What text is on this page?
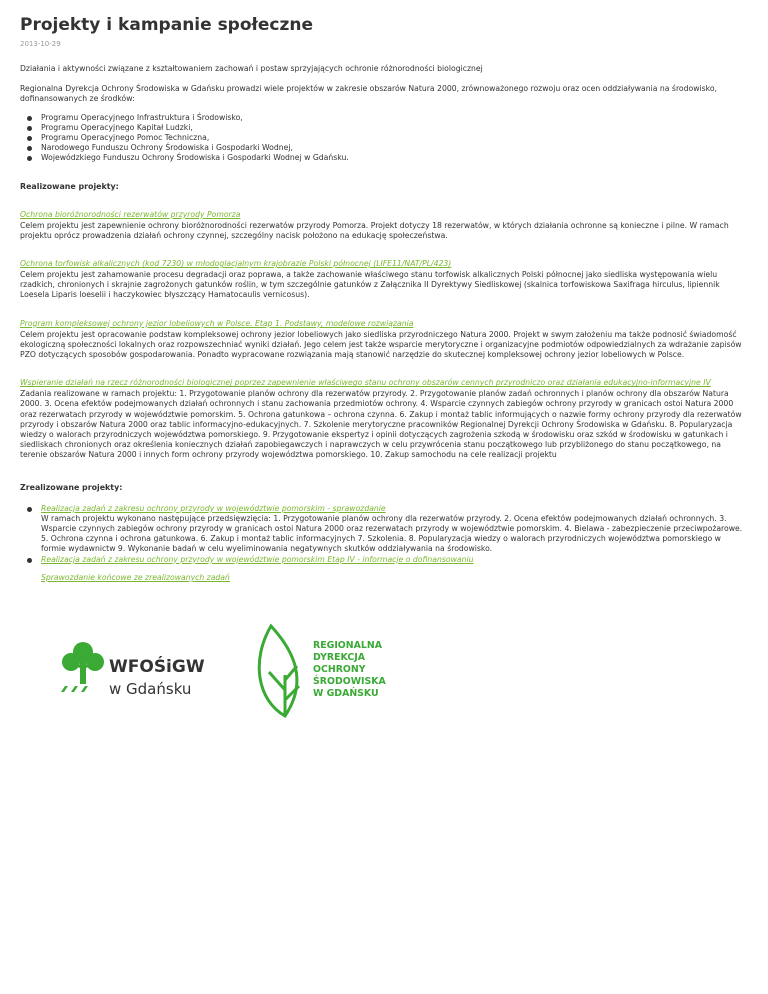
Projekty i kampanie społeczne
2013-10-29

Działania i aktywności związane z kształtowaniem zachowań i postaw sprzyjających ochronie różnorodności biologicznej

Regionalna Dyrekcja Ochrony Środowiska w Gdańsku prowadzi wiele projektów w zakresie obszarów Natura 2000, zrównoważonego rozwoju oraz ocen oddziaływania na środowisko, dofinansowanych ze środków:

Programu Operacyjnego Infrastruktura i Środowisko,
Programu Operacyjnego Kapitał Ludzki,
Programu Operacyjnego Pomoc Techniczna,
Narodowego Funduszu Ochrony Środowiska i Gospodarki Wodnej,
Wojewódzkiego Funduszu Ochrony Środowiska i Gospodarki Wodnej w Gdańsku.
Realizowane projekty:
Ochrona bioróżnorodności rezerwatów przyrody Pomorza

Celem projektu jest zapewnienie ochrony bioróżnorodności rezerwatów przyrody Pomorza. Projekt dotyczy 18 rezerwatów, w których działania ochronne są konieczne i pilne. W ramach projektu oprócz prowadzenia działań ochrony czynnej, szczególny nacisk położono na edukację społeczeństwa.

Ochrona torfowisk alkalicznych (kod 7230) w młodoglacjalnym krajobrazie Polski północnej (LIFE11/NAT/PL/423)

Celem projektu jest zahamowanie procesu degradacji oraz poprawa, a także zachowanie właściwego stanu torfowisk alkalicznych Polski północnej jako siedliska występowania wielu rzadkich, chronionych i skrajnie zagrożonych gatunków roślin, w tym szczególnie gatunków z Załącznika II Dyrektywy Siedliskowej (skalnica torfowiskowa Saxifraga hirculus, lipiennik Loesela Liparis loeselii i haczykowiec błyszczący Hamatocaulis vernicosus).

Program kompleksowej ochrony jezior lobeliowych w Polsce. Etap 1. Podstawy, modelowe rozwiązania

Celem projektu jest opracowanie podstaw kompleksowej ochrony jezior lobeliowych jako siedliska przyrodniczego Natura 2000. Projekt w swym założeniu ma także podnosić świadomość ekologiczną społeczności lokalnych oraz rozpowszechniać wyniki działań. Jego celem jest także wsparcie merytoryczne i organizacyjne podmiotów odpowiedzialnych za wdrażanie zapisów PZO dotyczących sposobów gospodarowania. Ponadto wypracowane rozwiązania mają stanowić narzędzie do skutecznej kompleksowej ochrony jezior lobeliowych w Polsce.

Wspieranie działań na rzecz różnorodności biologicznej poprzez zapewnienie właściwego stanu ochrony obszarów cennych przyrodniczo oraz działania edukacyjno-informacyjne IV

Zadania realizowane w ramach projektu: 1. Przygotowanie planów ochrony dla rezerwatów przyrody. 2. Przygotowanie planów zadań ochronnych i planów ochrony dla obszarów Natura 2000. 3. Ocena efektów podejmowanych działań ochronnych i stanu zachowania przedmiotów ochrony. 4. Wsparcie czynnych zabiegów ochrony przyrody w granicach ostoi Natura 2000 oraz rezerwatach przyrody w województwie pomorskim. 5. Ochrona gatunkowa – ochrona czynna. 6. Zakup i montaż tablic informujących o nazwie formy ochrony przyrody dla rezerwatów przyrody i obszarów Natura 2000 oraz tablic informacyjno-edukacyjnych. 7. Szkolenie merytoryczne pracowników Regionalnej Dyrekcji Ochrony Środowiska w Gdańsku. 8. Popularyzacja wiedzy o walorach przyrodniczych województwa pomorskiego. 9. Przygotowanie ekspertyz i opinii dotyczących zagrożenia szkodą w środowisku oraz szkód w środowisku w gatunkach i siedliskach chronionych oraz określenia koniecznych działań zapobiegawczych i naprawczych w celu przywrócenia stanu początkowego lub przybliżonego do stanu początkowego, na terenie obszarów Natura 2000 i innych form ochrony przyrody województwa pomorskiego. 10. Zakup samochodu na cele realizacji projektu

Zrealizowane projekty:
Realizacja zadań z zakresu ochrony przyrody w województwie pomorskim - sprawozdanie
W ramach projektu wykonano następujące przedsięwzięcia: 1. Przygotowanie planów ochrony dla rezerwatów przyrody. 2. Ocena efektów podejmowanych działań ochronnych. 3. Wsparcie czynnych zabiegów ochrony przyrody w granicach ostoi Natura 2000 oraz rezerwatach przyrody w województwie pomorskim. 4. Bielawa - zabezpieczenie przeciwpożarowe. 5. Ochrona czynna i ochrona gatunkowa. 6. Zakup i montaż tablic informacyjnych 7. Szkolenia. 8. Popularyzacja wiedzy o walorach przyrodniczych województwa pomorskiego w formie wydawnictw 9. Wykonanie badań w celu wyeliminowania negatywnych skutków oddziaływania na środowisko.
Realizacja zadań z zakresu ochrony przyrody w województwie pomorskim Etap IV - informacje o dofinansowaniu
Sprawozdanie końcowe ze zrealizowanych zadań
WFOŚiGW
w Gdańsku
REGIONALNA DYREKCJA OCHRONY ŚRODOWISKA W GDAŃSKU
